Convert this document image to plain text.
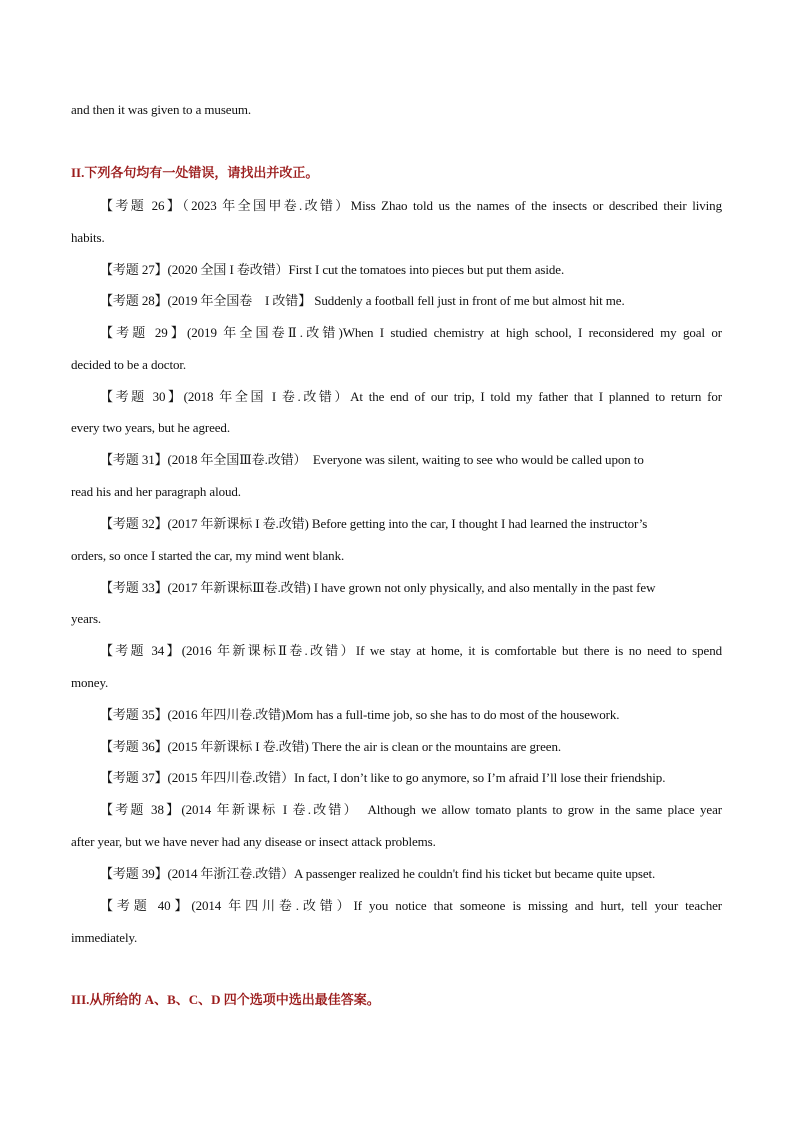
and then it was given to a museum.
II.下列各句均有一处错误，请找出并改正。
【考题 26】（2023 年全国甲卷.改错）Miss Zhao told us the names of the insects or described their living
habits.
【考题 27】(2020 全国 I 卷改错）First I cut the tomatoes into pieces but put them aside.
【考题 28】(2019 年全国卷　I 改错】 Suddenly a football fell just in front of me but almost hit me.
【考题 29】(2019 年全国卷Ⅱ.改错)When I studied chemistry at high school, I reconsidered my goal or
decided to be a doctor.
【考题 30】(2018 年全国 I 卷.改错）At the end of our trip, I told my father that I planned to return for
every two years, but he agreed.
【考题 31】(2018 年全国Ⅲ卷.改错）　Everyone was silent, waiting to see who would be called upon to
read his and her paragraph aloud.
【考题 32】(2017 年新课标 I 卷.改错) Before getting into the car, I thought I had learned the instructor’s
orders, so once I started the car, my mind went blank.
【考题 33】(2017 年新课标Ⅲ卷.改错) I have grown not only physically, and also mentally in the past few
years.
【考题 34】(2016 年新课标Ⅱ卷.改错）If we stay at home, it is comfortable but there is no need to spend
money.
【考题 35】(2016 年四川卷.改错)Mom has a full-time job, so she has to do most of the housework.
【考题 36】(2015 年新课标 I 卷.改错) There the air is clean or the mountains are green.
【考题 37】(2015 年四川卷.改错）In fact, I don’t like to go anymore, so I’m afraid I’ll lose their friendship.
【考题 38】(2014 年新课标 I 卷.改错）　Although we allow tomato plants to grow in the same place year
after year, but we have never had any disease or insect attack problems.
【考题 39】(2014 年浙江卷.改错）A passenger realized he couldn't find his ticket but became quite upset.
【考题 40】(2014 年四川卷.改错）If you notice that someone is missing and hurt, tell your teacher
immediately.
III.从所给的 A、B、C、D 四个选项中选出最佳答案。
